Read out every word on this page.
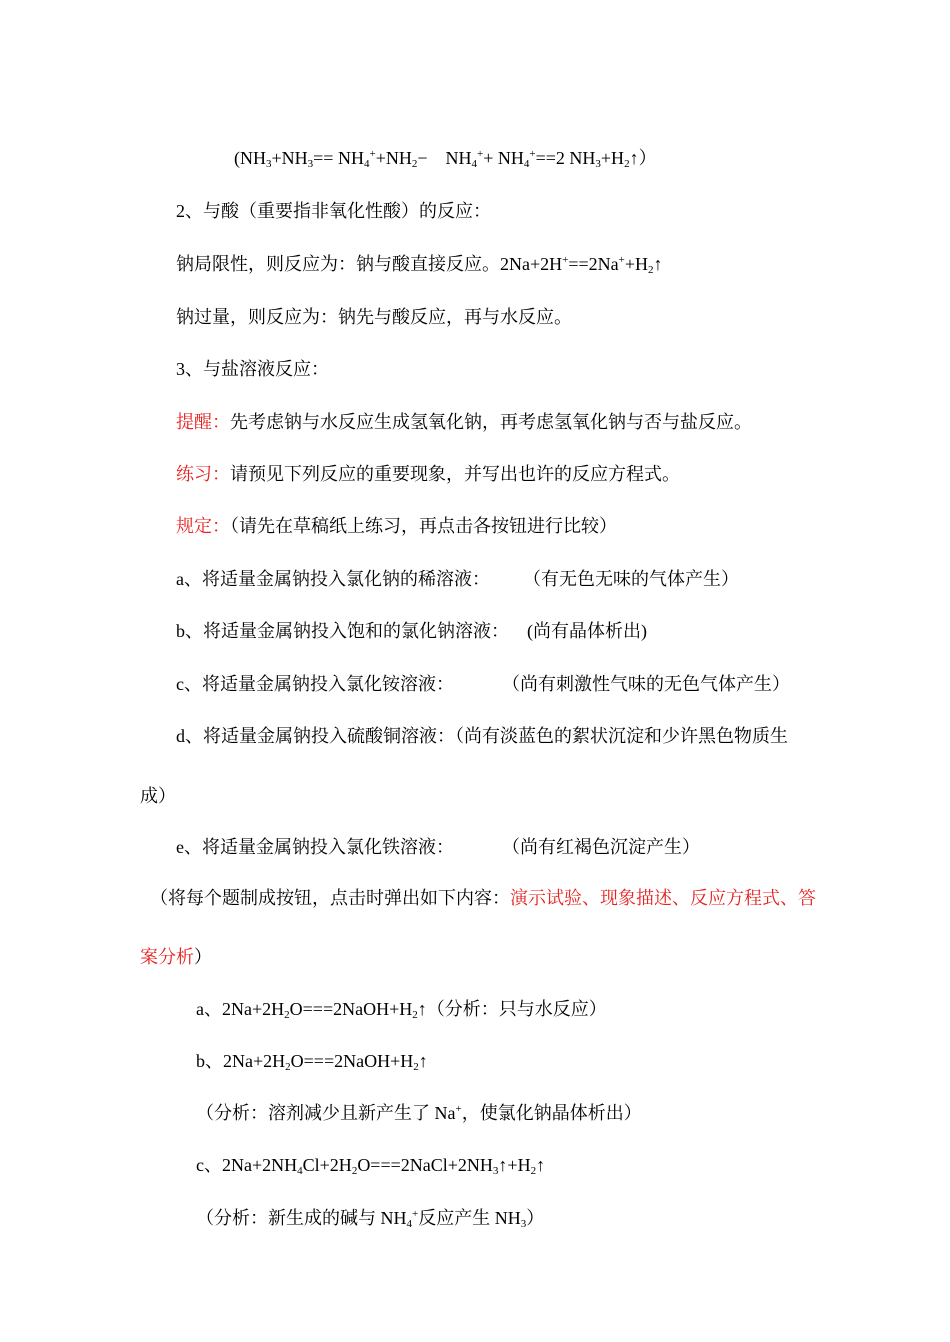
($NH_3+NH_3== NH_4^++NH_2-$    $NH_4^++ NH_4^+==2$ $NH_3+H_2↑$）
2、与酸（重要指非氧化性酸）的反应：
钠局限性，则反应为：钠与酸直接反应。$2Na+2H^+==2Na^++H_2↑$
钠过量，则反应为：钠先与酸反应，再与水反应。
3、与盐溶液反应：
提醒：先考虑钠与水反应生成氢氧化钠，再考虑氢氧化钠与否与盐反应。
练习：请预见下列反应的重要现象，并写出也许的反应方程式。
规定：（请先在草稿纸上练习，再点击各按钮进行比较）
a、将适量金属钠投入氯化钠的稀溶液： （有无色无味的气体产生）
b、将适量金属钠投入饱和的氯化钠溶液： (尚有晶体析出)
c、将适量金属钠投入氯化铵溶液：	（尚有刺激性气味的无色气体产生）
d、将适量金属钠投入硫酸铜溶液：（尚有淡蓝色的絮状沉淀和少许黑色物质生
成）
e、将适量金属钠投入氯化铁溶液：	（尚有红褐色沉淀产生）
（将每个题制成按钮，点击时弹出如下内容：演示试验、现象描述、反应方程式、答
案分析）
a、$2Na+2H_2O===2NaOH+H_2↑$（分析：只与水反应）
b、$2Na+2H_2O===2NaOH+H_2↑$
（分析：溶剂减少且新产生了 Na+，使氯化钠晶体析出）
c、$2Na+2NH_4Cl+2H_2O===2NaCl+2NH_3↑+H_2↑$
（分析：新生成的碱与 $NH_4^+$反应产生 $NH_3$）
